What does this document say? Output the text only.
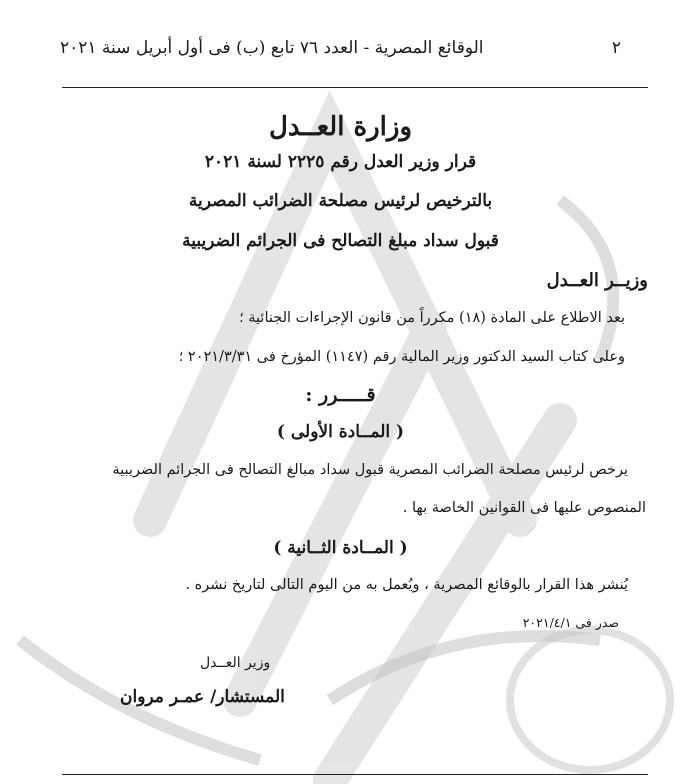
٢
الوقائع المصرية - العدد ٧٦ تابع (ب) فى أول أبريل سنة ٢٠٢١
وزارة العــدل
قرار وزير العدل رقم ٢٢٢٥ لسنة ٢٠٢١
بالترخيص لرئيس مصلحة الضرائب المصرية
قبول سداد مبلغ التصالح فى الجرائم الضريبية
وزيــر العــدل
بعد الاطلاع على المادة (١٨) مكرراً من قانون الإجراءات الجنائية ؛
وعلى كتاب السيد الدكتور وزير المالية رقم (١١٤٧) المؤرخ فى ٢٠٢١/٣/٣١ ؛
قـــــرر :
( المــادة الأولى )
يرخص لرئيس مصلحة الضرائب المصرية قبول سداد مبالغ التصالح فى الجرائم الضريبية
المنصوص عليها فى القوانين الخاصة بها .
( المــادة الثــانية )
يُنشر هذا القرار بالوقائع المصرية ، ويُعمل به من اليوم التالى لتاريخ نشره .
صدر فى ٢٠٢١/٤/١
وزير العــدل
المستشار/ عمـر مروان
